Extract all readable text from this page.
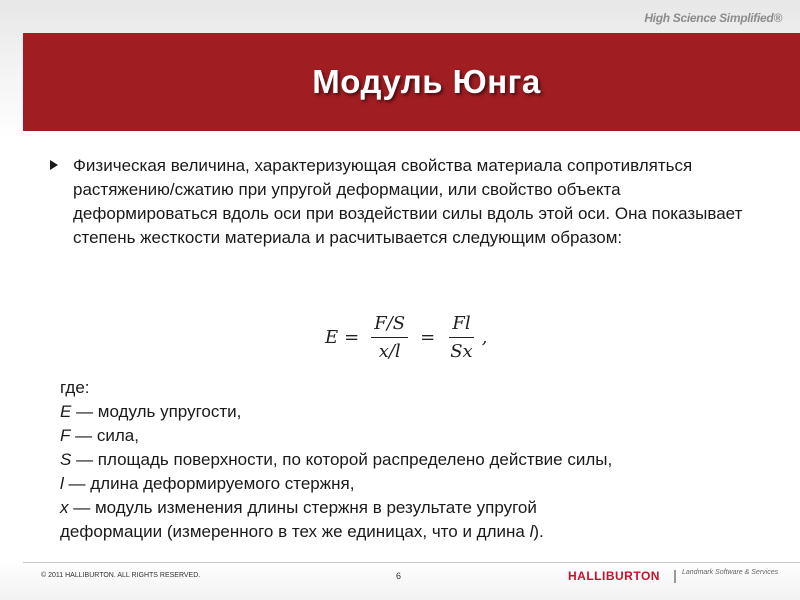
High Science Simplified®
Модуль Юнга
Физическая величина, характеризующая свойства материала сопротивляться растяжению/сжатию при упругой деформации, или свойство объекта деформироваться вдоль оси при воздействии силы вдоль этой оси. Она показывает степень жесткости материала и расчитывается следующим образом:
$E = \frac{F/S}{x/l} = \frac{Fl}{Sx}$ ,
где:
E — модуль упругости,
F — сила,
S — площадь поверхности, по которой распределено действие силы,
l — длина деформируемого стержня,
x — модуль изменения длины стержня в результате упругой
деформации (измеренного в тех же единицах, что и длина l).
© 2011 HALLIBURTON. ALL RIGHTS RESERVED.	6	HALLIBURTON	Landmark Software & Services
